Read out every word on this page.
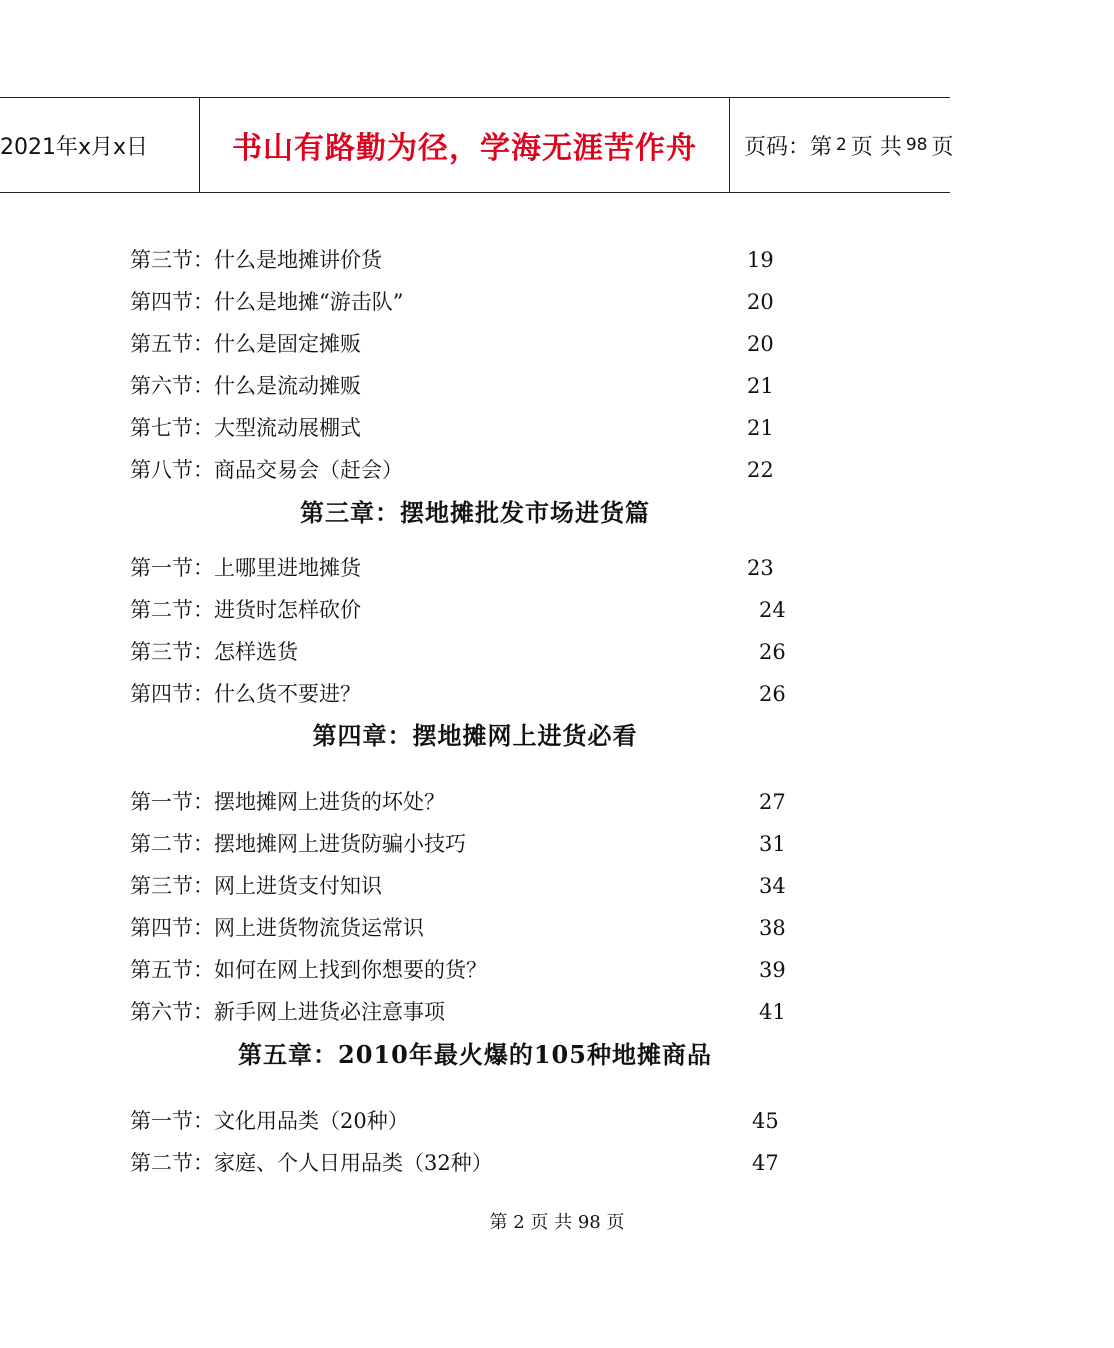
2021年x月x日	书山有路勤为径，学海无涯苦作舟	页码：第 2 页 共 98 页
第三节：什么是地摊讲价货	19
第四节：什么是地摊“游击队”	20
第五节：什么是固定摊贩	20
第六节：什么是流动摊贩	21
第七节：大型流动展棚式	21
第八节：商品交易会（赶会）	22
第三章：摆地摊批发市场进货篇
第一节：上哪里进地摊货	23
第二节：进货时怎样砍价	24
第三节：怎样选货	26
第四节：什么货不要进？	26
第四章：摆地摊网上进货必看
第一节：摆地摊网上进货的坏处？	27
第二节：摆地摊网上进货防骗小技巧	31
第三节：网上进货支付知识	34
第四节：网上进货物流货运常识	38
第五节：如何在网上找到你想要的货？	39
第六节：新手网上进货必注意事项	41
第五章：2010年最火爆的105种地摊商品
第一节：文化用品类（20种）	45
第二节：家庭、个人日用品类（32种）	47
第 2 页 共 98 页
